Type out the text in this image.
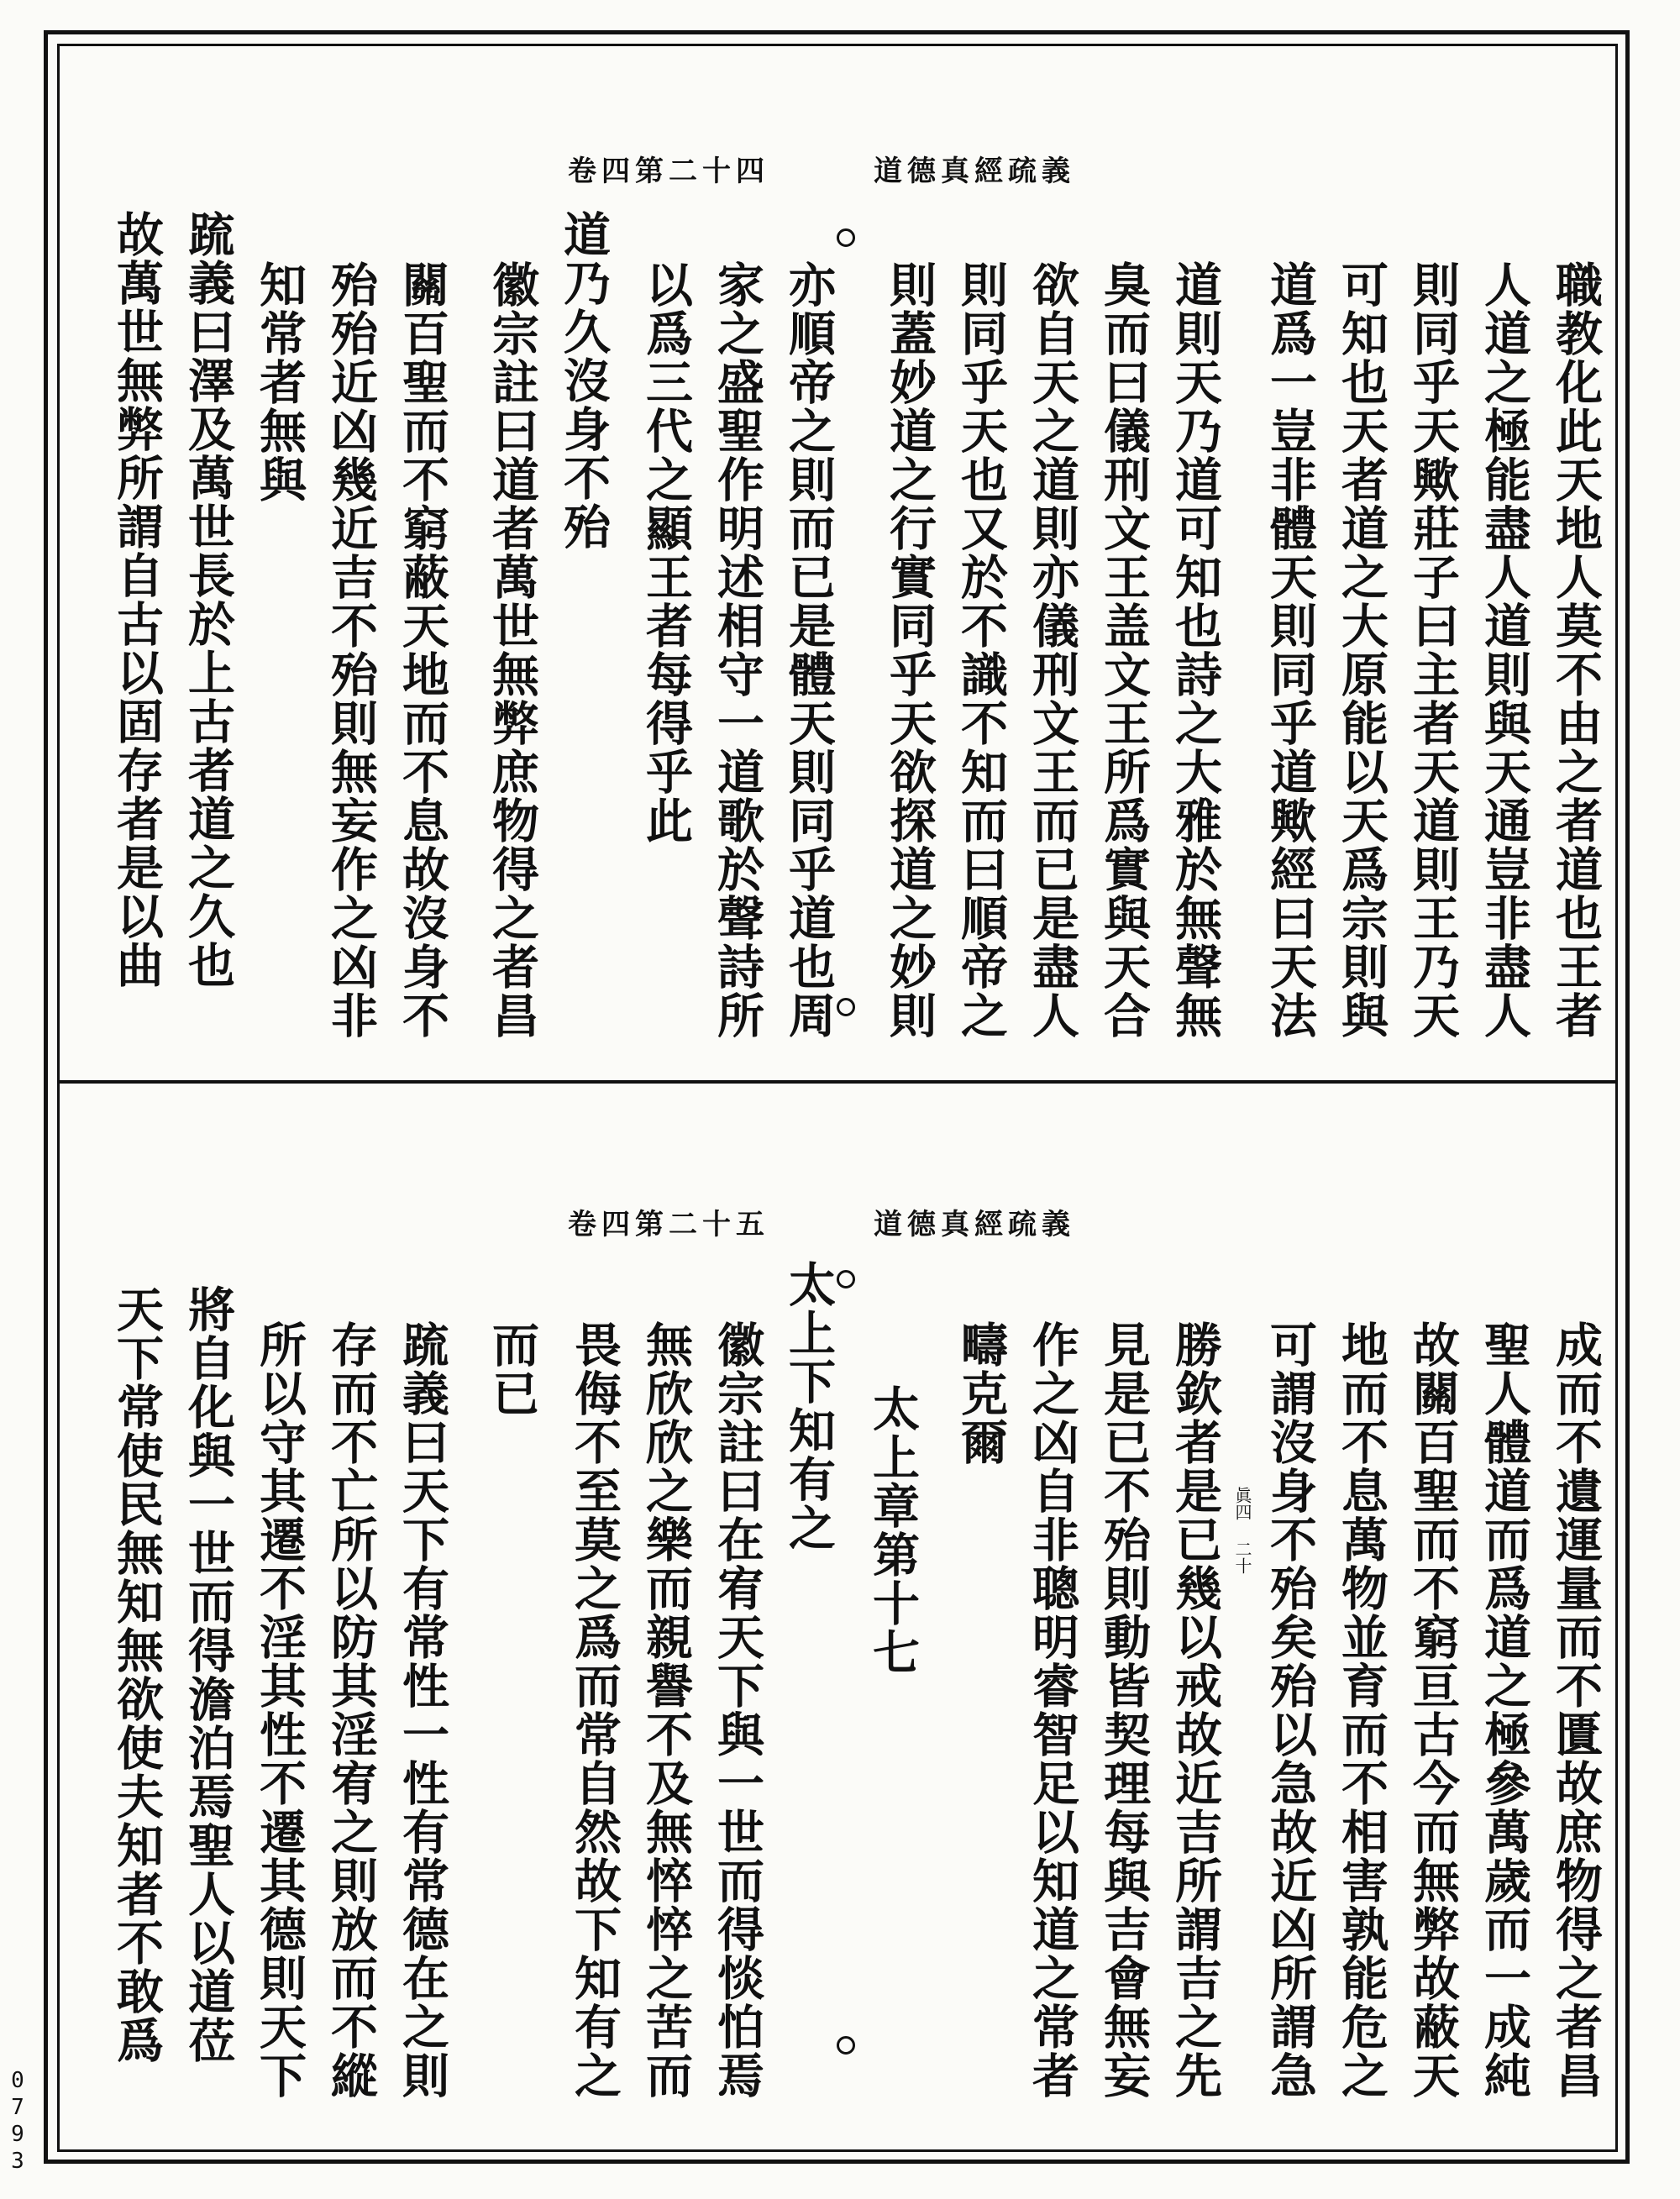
道德真經疏義
卷四第二十四
職教化此天地人莫不由之者道也王者
人道之極能盡人道則與天通豈非盡人
則同乎天歟莊子曰主者天道則王乃天
可知也天者道之大原能以天爲宗則與
道爲一豈非體天則同乎道歟經曰天法
道則天乃道可知也詩之大雅於無聲無
臭而曰儀刑文王盖文王所爲實與天合
欲自天之道則亦儀刑文王而已是盡人
則同乎天也又於不識不知而曰順帝之
則蓋妙道之行實同乎天欲探道之妙則
亦順帝之則而已是體天則同乎道也周
家之盛聖作明述相守一道歌於聲詩所
以爲三代之顯王者每得乎此
道乃久沒身不殆
徽宗註曰道者萬世無弊庶物得之者昌
關百聖而不窮蔽天地而不息故沒身不
殆殆近凶幾近吉不殆則無妄作之凶非
知常者無與
䟽義曰澤及萬世長於上古者道之久也
故萬世無弊所謂自古以固存者是以曲
道德真經疏義
卷四第二十五
成而不遺運量而不匱故庶物得之者昌
聖人體道而爲道之極參萬歲而一成純
故關百聖而不窮亘古今而無弊故蔽天
地而不息萬物並育而不相害孰能危之
可謂沒身不殆矣殆以急故近凶所謂急
勝欽者是已幾以戒故近吉所謂吉之先
見是已不殆則動皆契理每與吉會無妄
作之凶自非聰明睿智足以知道之常者
疇克爾
太上章第十七
太上下知有之
徽宗註曰在宥天下與一世而得惔怕焉
無欣欣之樂而親譽不及無悴悴之苦而
畏侮不至莫之爲而常自然故下知有之
而已
䟽義曰天下有常性一性有常德在之則
存而不亡所以防其淫宥之則放而不縱
所以守其遷不淫其性不遷其德則天下
將自化與一世而得澹泊焉聖人以道莅
天下常使民無知無欲使夫知者不敢爲	眞四 二十
0793
